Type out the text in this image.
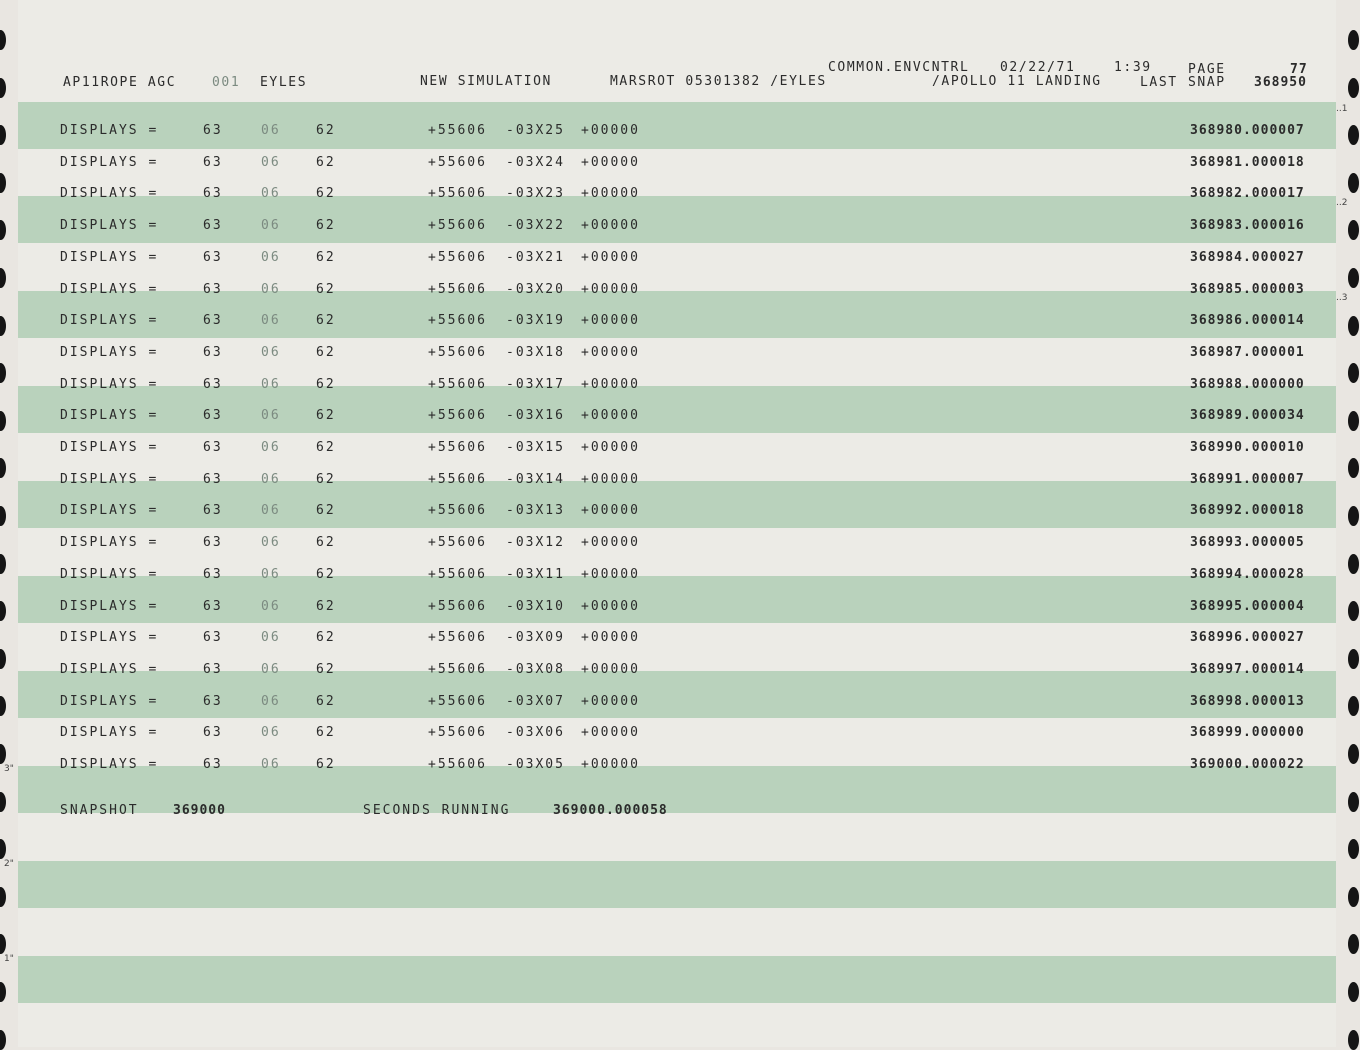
COMMON.ENVCNTRL 02/22/71	1:39	PAGE	77
AP11ROPE AGC	001 EYLES	NEW SIMULATION	MARSROT 05301382 /EYLES	/APOLLO 11 LANDING	LAST SNAP 368950
DISPLAYS =	63	06	62	+55606 -03X25 +00000	368980.000007
DISPLAYS =	63	06	62	+55606 -03X24 +00000	368981.000018
DISPLAYS =	63	06	62	+55606 -03X23 +00000	368982.000017
DISPLAYS =	63	06	62	+55606 -03X22 +00000	368983.000016
DISPLAYS =	63	06	62	+55606 -03X21 +00000	368984.000027
DISPLAYS =	63	06	62	+55606 -03X20 +00000	368985.000003
DISPLAYS =	63	06	62	+55606 -03X19 +00000	368986.000014
DISPLAYS =	63	06	62	+55606 -03X18 +00000	368987.000001
DISPLAYS =	63	06	62	+55606 -03X17 +00000	368988.000000
DISPLAYS =	63	06	62	+55606 -03X16 +00000	368989.000034
DISPLAYS =	63	06	62	+55606 -03X15 +00000	368990.000010
DISPLAYS =	63	06	62	+55606 -03X14 +00000	368991.000007
DISPLAYS =	63	06	62	+55606 -03X13 +00000	368992.000018
DISPLAYS =	63	06	62	+55606 -03X12 +00000	368993.000005
DISPLAYS =	63	06	62	+55606 -03X11 +00000	368994.000028
DISPLAYS =	63	06	62	+55606 -03X10 +00000	368995.000004
DISPLAYS =	63	06	62	+55606 -03X09 +00000	368996.000027
DISPLAYS =	63	06	62	+55606 -03X08 +00000	368997.000014
DISPLAYS =	63	06	62	+55606 -03X07 +00000	368998.000013
DISPLAYS =	63	06	62	+55606 -03X06 +00000	368999.000000
DISPLAYS =	63	06	62	+55606 -03X05 +00000	369000.000022
SNAPSHOT	369000	SECONDS RUNNING	369000.000058
..1
..2
..3
3"
2"
1"
